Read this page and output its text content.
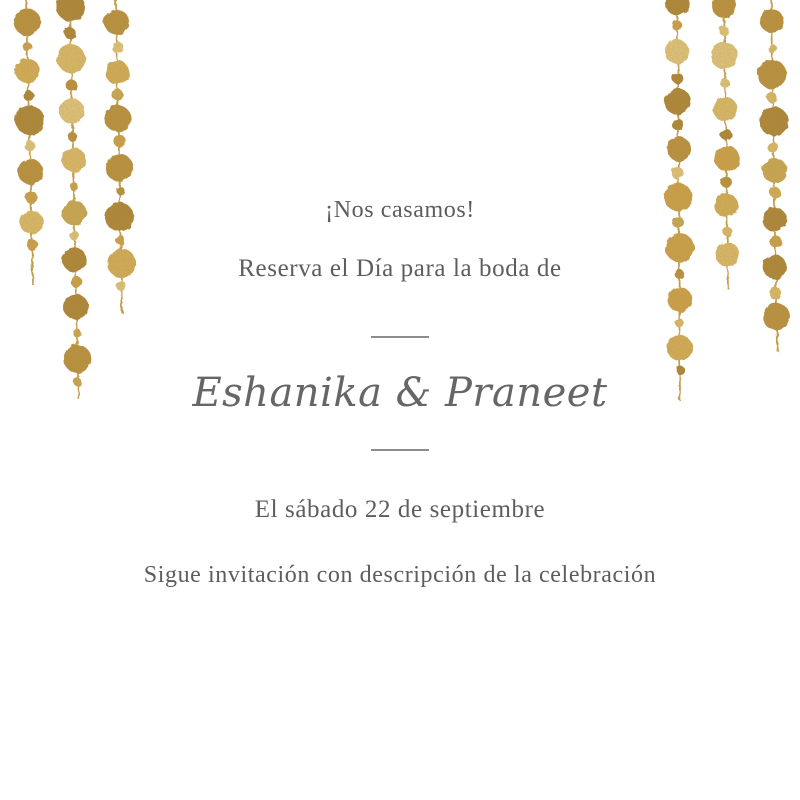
¡Nos casamos!

Reserva el Día para la boda de

Eshanika & Praneet

El sábado 22 de septiembre

Sigue invitación con descripción de la celebración
